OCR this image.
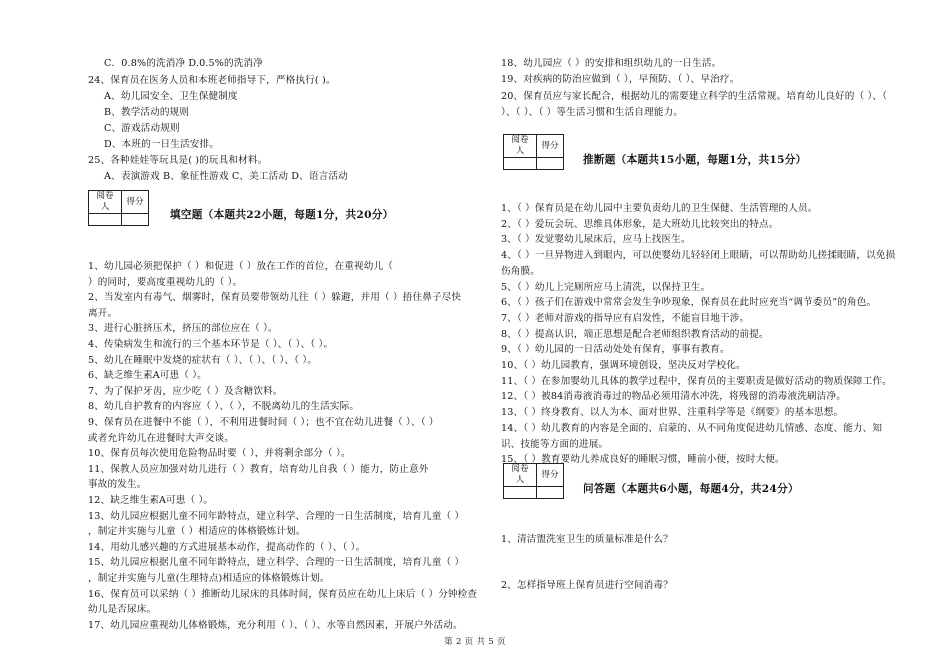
C．0.8%的洗消净 D.0.5%的洗消净
24、保育员在医务人员和本班老师指导下，严格执行( )。
A、幼儿园安全、卫生保健制度
B、教学活动的规则
C、游戏活动规则
D、本班的一日生活安排。
25、各种娃娃等玩具是( )的玩具和材料。
A、表演游戏 B、象征性游戏 C、美工活动 D、语言活动
阅卷人	得分

填空题（本题共22小题，每题1分，共20分）
1、幼儿园必须把保护（ ）和促进（ ）放在工作的首位，在重视幼儿（
）的同时，要高度重视幼儿的（ ）。
2、当发室内有毒气、烟雾时，保育员要带领幼儿往（ ）躲避，并用（ ）捂住鼻子尽快
离开。
3、进行心脏挤压术，挤压的部位应在（ ）。
4、传染病发生和流行的三个基本环节是（ ）、（ ）、（ ）。
5、幼儿在睡眠中发烧的症状有（ ）、（ ）、（ ）、（ ）。
6、缺乏维生素A可患（ ）。
7、为了保护牙齿，应少吃（ ）及含糖饮料。
8、幼儿自护教育的内容应（ ）、（ ），不脱离幼儿的生活实际。
9、保育员在进餐中不能（ ），不利用进餐时间（ ）；也不宜在幼儿进餐（ ）、（ ）
或者允许幼儿在进餐时大声交谈。
10、保育员每次使用危险物品时要（ ），并将剩余部分（ ）。
11、保教人员应加强对幼儿进行（ ）教育，培育幼儿自我（ ）能力，防止意外
事故的发生。
12、缺乏维生素A可患（ ）。
13、幼儿园应根据儿童不同年龄特点，建立科学、合理的一日生活制度，培育儿童（ ）
，制定并实施与儿童（ ）相适应的体格锻炼计划。
14、用幼儿感兴趣的方式进展基本动作，提高动作的（ ）、（ ）。
15、幼儿园应根据儿童不同年龄特点，建立科学、合理的一日生活制度，培育儿童（ ）
，制定并实施与儿童(生理特点)相适应的体格锻炼计划。
16、保育员可以采纳（ ）推断幼儿尿床的具体时间，保育员应在幼儿上床后（ ）分钟检查
幼儿是否尿床。
17、幼儿园应重视幼儿体格锻炼，充分利用（ ）、（ ）、水等自然因素，开展户外活动。
18、幼儿园应（ ）的安排和组织幼儿的一日生活。
19、对疾病的防治应做到（ ），早预防、（ ）、早治疗。
20、保育员应与家长配合，根据幼儿的需要建立科学的生活常规。培育幼儿良好的（ ）、（
）、（ ）、（ ）等生活习惯和生活自理能力。
阅卷人	得分

推断题（本题共15小题，每题1分，共15分）
1、（ ）保育员是在幼儿园中主要负责幼儿的卫生保健、生活管理的人员。
2、（ ）爱玩会玩、思维具体形象，是大班幼儿比较突出的特点。
3、（ ）发觉婴幼儿尿床后，应马上找医生。
4、（ ）一旦异物进入到眼内，可以使婴幼儿轻轻闭上眼睛，可以帮助幼儿搓揉眼睛，以免损
伤角膜。
5、（ ）幼儿上完厕所应马上清洗，以保持卫生。
6、（ ）孩子们在游戏中常常会发生争吵现象，保育员在此时应充当“调节委员”的角色。
7、（ ）老师对游戏的指导应有启发性，不能盲目地干涉。
8、（ ）提高认识，端正思想是配合老师组织教育活动的前提。
9、（ ）幼儿园的一日活动处处有保育，事事有教育。
10、（ ）幼儿园教育，强调环境创设，坚决反对学校化。
11、（ ）在参加婴幼儿具体的教学过程中，保育员的主要职责是做好活动的物质保障工作。
12、（ ）被84消毒液消毒过的物品必须用清水冲洗，将残留的消毒液洗刷洁净。
13、（ ）终身教育、以人为本、面对世界、注重科学等是《纲要》的基本思想。
14、（ ）幼儿教育的内容是全面的、启蒙的、从不同角度促进幼儿情感、态度、能力、知
识、技能等方面的进展。
15、（ ）教育要幼儿养成良好的睡眠习惯，睡前小便，按时大便。
阅卷人	得分

问答题（本题共6小题，每题4分，共24分）
1、清洁盥洗室卫生的质量标准是什么？
2、怎样指导班上保育员进行空间消毒？
第 2 页 共 5 页
